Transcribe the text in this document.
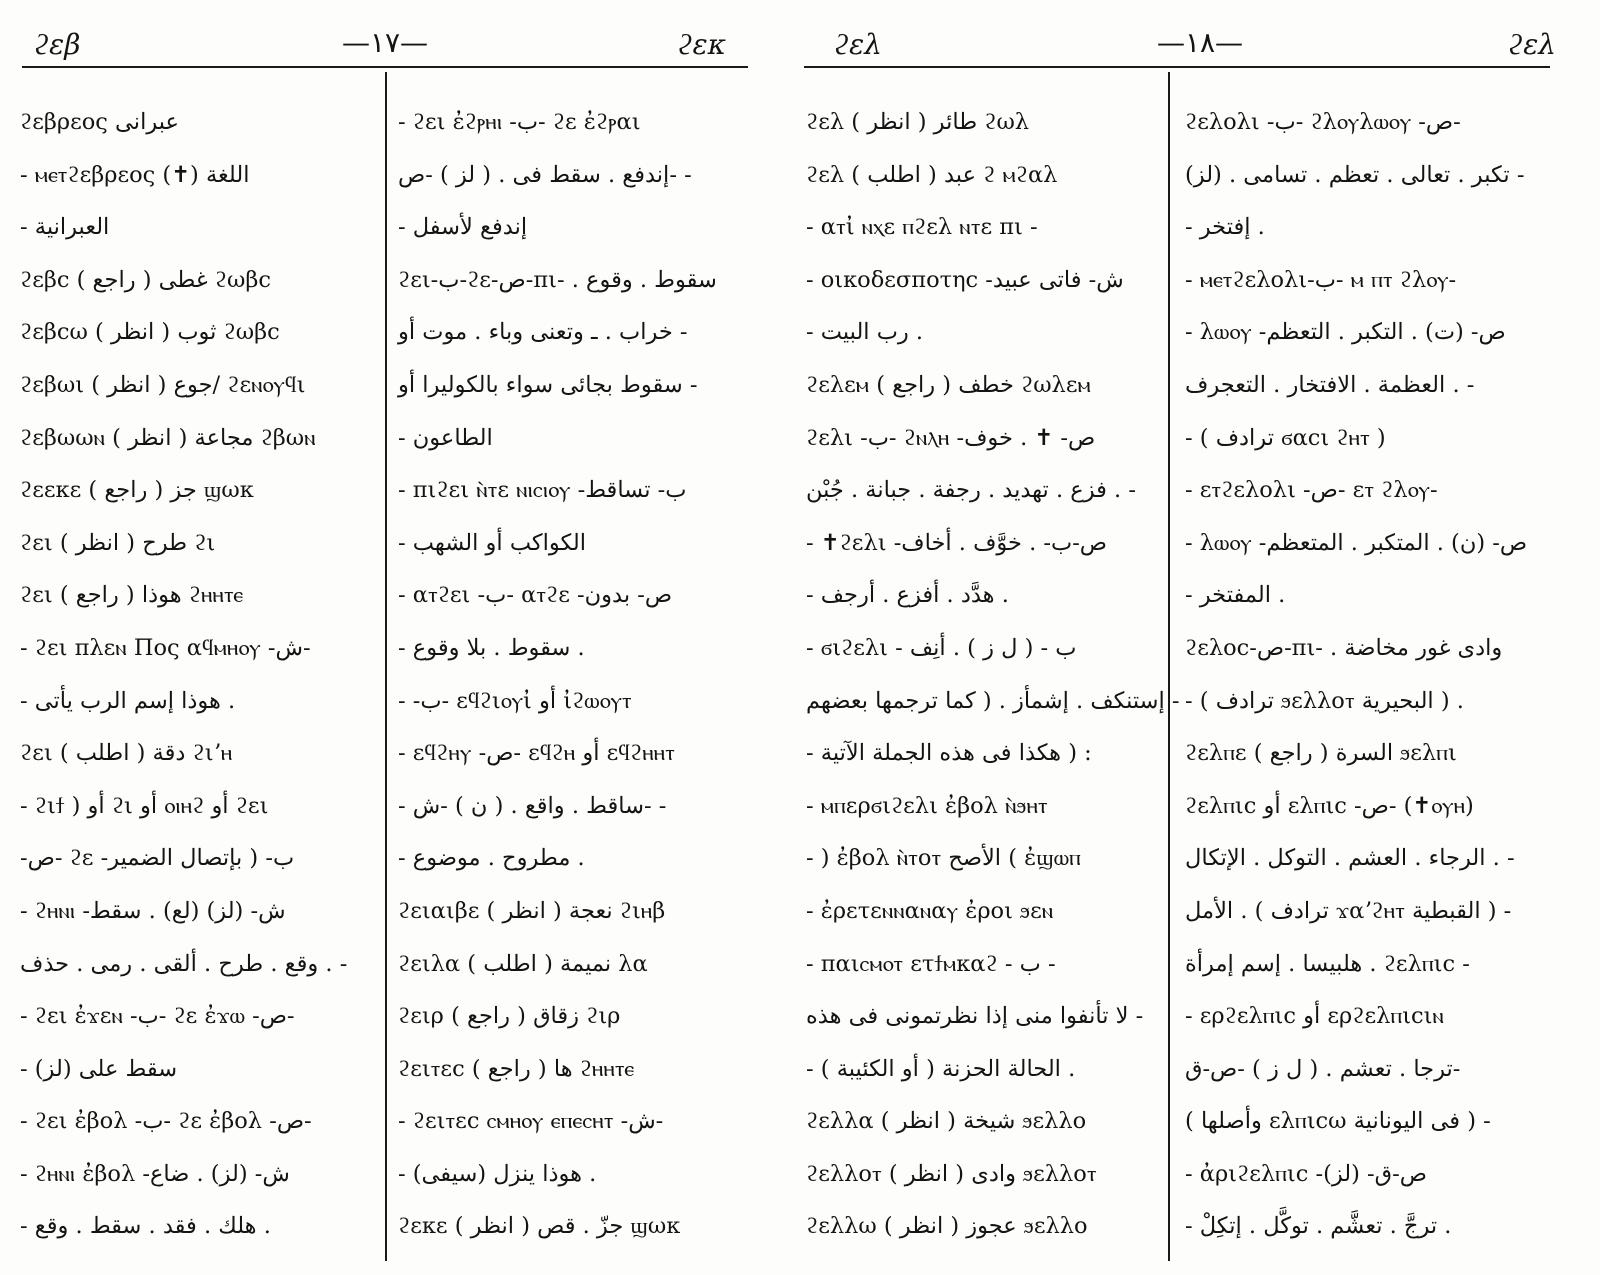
ϩεβ	—١٧—	ϩεκ
ϩεβρεος عبرانى
- ⲙⲉⲧϩεβρεος (✝) اللغة
- العبرانية
ϩεβc غطى ( راجع ) ϩωβc
ϩεβcω ثوب ( انظر ) ϩωβc
ϩεβωι جوع ( انظر )/ ϩεⲛⲟⲩϥι
ϩεβωωⲛ مجاعة ( انظر ) ϩβωⲛ
ϩεεκε جز ( راجع ) ϣωκ
ϩει طرح ( انظر ) ϩι
ϩει هوذا ( راجع ) ϩⲏⲏⲧⲉ
- ϩει πλεⲛ Πος αϥⲙⲏⲟⲩ -ش-
- هوذا إسم الرب يأتى .
ϩει دقة ( اطلب ) ϩιʼⲏ
- ϩιϯ ) أو ϩι أو ⲟⲓⲏϩ أو ϩει
-ص- ϩε -ب- ( بإتصال الضمير
- ϩⲏⲛⲓ -ش- (لز) (لع) . سقط
وقع . طرح . ألقى . رمى . حذف . -
- ϩει ἐϫεⲛ -ب- ϩε ἐϫⲱ -ص-
- (لز) سقط على
- ϩει ἐβολ -ب- ϩε ἐβολ -ص-
- ϩⲏⲛⲓ ἐβολ -ش- (لز) . ضاع
- هلك . فقد . سقط . وقع .
- ϩει ἐϩⲣⲏⲓ -ب- ϩε ἐϩⲣαι
إندفع . سقط فى . ( لز ) -ص- -
- إندفع لأسفل
ϩει-ب-ϩε-ص-πι- . سقوط . وقوع
خراب . ـ وتعنى وباء . موت أو -
سقوط بجائى سواء بالكوليرا أو -
- الطاعون
- πιϩει ⲛ̀ⲧε ⲛⲓⲥⲓⲟⲩ -ب- تساقط
- الكواكب أو الشهب
- αⲧϩει -ب- αⲧϩε -ص- بدون
- سقوط . بلا وقوع .
- -ب- εϥϩιⲟⲩἰ أو ἰϩⲱⲟⲩⲧ
- εϥϩⲏⲩ -ص- εϥϩⲏ أو εϥϩⲏⲏⲧ
- ساقط . واقع . ( ن ) -ش- -
- مطروح . موضوع .
ϩειαιβε نعجة ( انظر ) ϩιⲏβ
ϩειλα نميمة ( اطلب ) λα
ϩειρ زقاق ( راجع ) ϩιρ
ϩειⲧεc ها ( راجع ) ϩⲏⲏⲧⲉ
- ϩειⲧεc ⲥⲙⲏⲟⲩ ⲉⲡⲉⲥⲏⲧ -ش-
- هوذا ينزل (سيفى) .
ϩεκε جزّ . قص ( انظر ) ϣωκ
ϩελ	—١٨—	ϩελ
ϩελ طائر ( انظر ) ϩωλ
ϩελ عبد ( اطلب ) ϩ ⲙϩαλ
- αⲧἰ ⲛⲭε ⲡϩελ ⲛⲧε πι -
- οικοδεσποτηc -ش- فاتى عبيد
- رب البيت .
ϩελεⲙ خطف ( راجع ) ϩωλεⲙ
ϩελι -ب- ϩⲛⲗⲏ -ص- ✝ . خوف
فزع . تهديد . رجفة . جبانة . جُبْن . -
- ✝ϩελι -ص-ب- . خوَّف . أخاف
- هدَّد . أفزع . أرجف .
- ϭιϩελι - ب - ( ل ز ) . أنِف
إستنكف . إشمأز . ( كما ترجمها بعضهم -
- هكذا فى هذه الجملة الآتية ) :
- ⲙⲡερϭιϩελι ἐβολ ⲛ̀ϧⲏⲧ
- ) ἐβολ ⲛ̀ⲧοⲧ الأصح ( ἐϣⲱⲡ
- ἐρετεⲛⲛαⲛαⲩ ἐροι ϧεⲛ
- παιⲥⲙⲟⲧ ετϯⲙκαϩ - ب -
لا تأنفوا منى إذا نظرتمونى فى هذه -
- الحالة الحزنة ( أو الكئيبة ) .
ϩελλα شيخة ( انظر ) ϧελλο
ϩελλοⲧ وادى ( انظر ) ϧελλοⲧ
ϩελλω عجوز ( انظر ) ϧελλο
ϩελολι -ب- ϩλⲟⲩλⲱⲟⲩ -ص-
تكبر . تعالى . تعظم . تسامى . (لز) -
- إفتخر .
- ⲙⲉⲧϩελολι-ب- ⲙ ⲡⲧ ϩλⲟⲩ-
- λⲱⲟⲩ -ص- (ت) . التكبر . التعظم
العظمة . الافتخار . التعجرف . -
- ( ترادف ϭαcι ϩⲏⲧ )
- εⲧϩελολι -ص- εⲧ ϩλⲟⲩ-
- λⲱⲟⲩ -ص- (ن) . المتكبر . المتعظم
- المفتخر .
ϩελοc-ص-πι- . وادى غور مخاضة
- ( ترادف ϧελλοⲧ البحيرية ) .
ϩελⲡε السرة ( راجع ) ϧελⲡι
ϩελⲡιc أو ελⲡιc -ص- (✝ⲟⲩⲏ)
الرجاء . العشم . التوكل . الإتكال . -
الأمل . ( ترادف ϫαʼϩⲏⲧ القبطية ) -
هلبيسا . إسم إمرأة . ϩελⲡιc -
- ερϩελⲡιc أو ερϩελⲡιϲιⲛ
ترجا . تعشم . ( ل ز ) -ص-ق-
( وأصلها ελⲡιϲω فى اليونانية ) -
- ἀριϩελⲡιc -ص-ق- (لز)
- ترجَّ . تعشَّم . توكَّل . إتكِلْ .
